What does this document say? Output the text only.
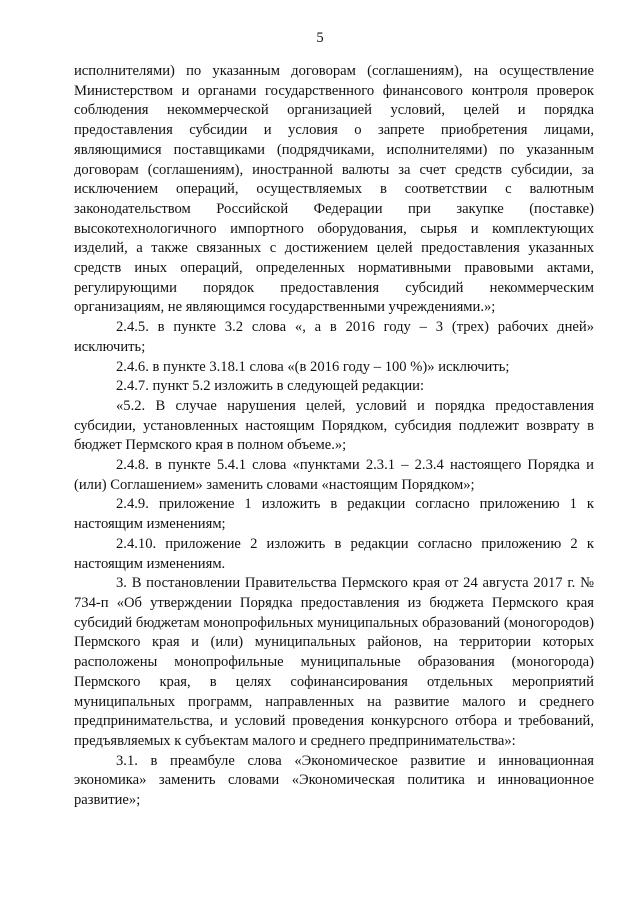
5

исполнителями) по указанным договорам (соглашениям), на осуществление Министерством и органами государственного финансового контроля проверок соблюдения некоммерческой организацией условий, целей и порядка предоставления субсидии и условия о запрете приобретения лицами, являющимися поставщиками (подрядчиками, исполнителями) по указанным договорам (соглашениям), иностранной валюты за счет средств субсидии, за исключением операций, осуществляемых в соответствии с валютным законодательством Российской Федерации при закупке (поставке) высокотехнологичного импортного оборудования, сырья и комплектующих изделий, а также связанных с достижением целей предоставления указанных средств иных операций, определенных нормативными правовыми актами, регулирующими порядок предоставления субсидий некоммерческим организациям, не являющимся государственными учреждениями.»;

2.4.5. в пункте 3.2 слова «, а в 2016 году – 3 (трех) рабочих дней» исключить;

2.4.6. в пункте 3.18.1 слова «(в 2016 году – 100 %)» исключить;

2.4.7. пункт 5.2 изложить в следующей редакции:

«5.2. В случае нарушения целей, условий и порядка предоставления субсидии, установленных настоящим Порядком, субсидия подлежит возврату в бюджет Пермского края в полном объеме.»;

2.4.8. в пункте 5.4.1 слова «пунктами 2.3.1 – 2.3.4 настоящего Порядка и (или) Соглашением» заменить словами «настоящим Порядком»;

2.4.9. приложение 1 изложить в редакции согласно приложению 1 к настоящим изменениям;

2.4.10. приложение 2 изложить в редакции согласно приложению 2 к настоящим изменениям.

3. В постановлении Правительства Пермского края от 24 августа 2017 г. № 734-п «Об утверждении Порядка предоставления из бюджета Пермского края субсидий бюджетам монопрофильных муниципальных образований (моногородов) Пермского края и (или) муниципальных районов, на территории которых расположены монопрофильные муниципальные образования (моногорода) Пермского края, в целях софинансирования отдельных мероприятий муниципальных программ, направленных на развитие малого и среднего предпринимательства, и условий проведения конкурсного отбора и требований, предъявляемых к субъектам малого и среднего предпринимательства»:

3.1. в преамбуле слова «Экономическое развитие и инновационная экономика» заменить словами «Экономическая политика и инновационное развитие»;
